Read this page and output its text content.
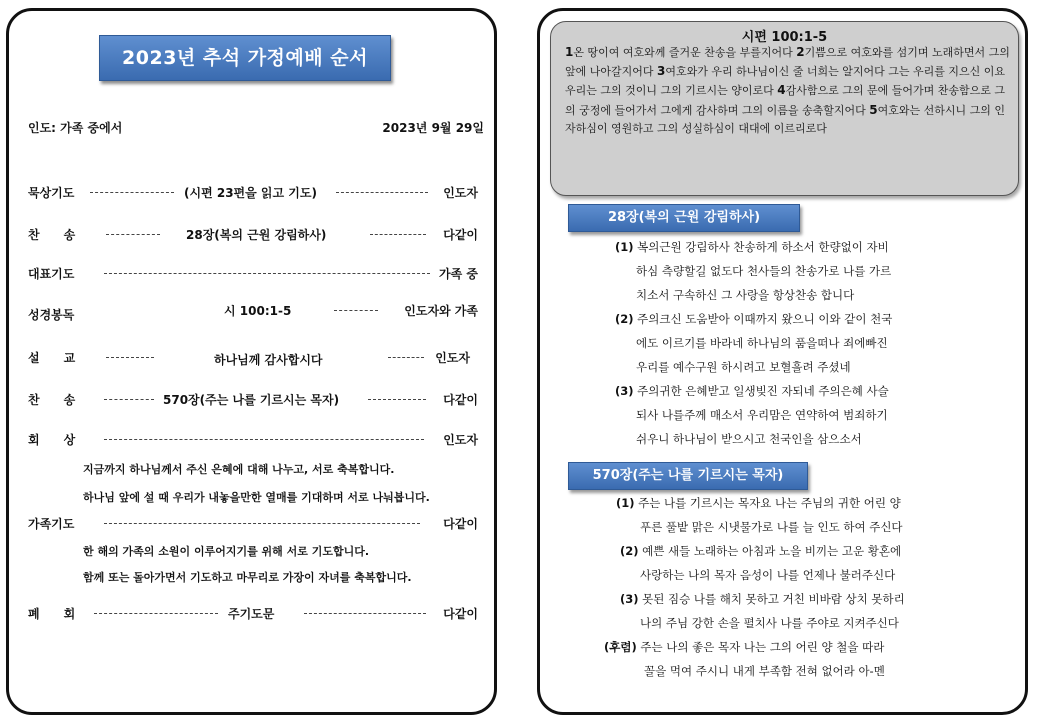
2023년 추석 가정예배 순서
인도: 가족 중에서	2023년 9월 29일
묵상기도	(시편 23편을 읽고 기도)	인도자
찬　　송	28장(복의 근원 강림하사)	다같이
대표기도	가족 중
성경봉독	시 100:1-5	인도자와 가족
설　　교	하나님께 감사합시다	인도자
찬　　송	570장(주는 나를 기르시는 목자)	다같이
회　　상	인도자
지금까지 하나님께서 주신 은혜에 대해 나누고, 서로 축복합니다.
하나님 앞에 설 때 우리가 내놓을만한 열매를 기대하며 서로 나눠봅니다.
가족기도	다같이
한 해의 가족의 소원이 이루어지기를 위해 서로 기도합니다.
함께 또는 돌아가면서 기도하고 마무리로 가장이 자녀를 축복합니다.
폐　　회	주기도문	다같이
시편 100:1-5
1온 땅이여 여호와께 즐거운 찬송을 부를지어다 2기쁨으로 여호와를 섬기며 노래하면서 그의 앞에 나아갈지어다 3여호와가 우리 하나님이신 줄 너희는 알지어다 그는 우리를 지으신 이요 우리는 그의 것이니 그의 기르시는 양이로다 4감사함으로 그의 문에 들어가며 찬송함으로 그의 궁정에 들어가서 그에게 감사하며 그의 이름을 송축할지어다 5여호와는 선하시니 그의 인자하심이 영원하고 그의 성실하심이 대대에 이르리로다
28장(복의 근원 강림하사)
(1) 복의근원 강림하사 찬송하게 하소서 한량없이 자비
하심 측량할길 없도다 천사들의 찬송가로 나를 가르
치소서 구속하신 그 사랑을 항상찬송 합니다
(2) 주의크신 도움받아 이때까지 왔으니 이와 같이 천국
에도 이르기를 바라네 하나님의 품을떠나 죄에빠진
우리를 예수구원 하시려고 보혈흘려 주셨네
(3) 주의귀한 은혜받고 일생빚진 자되네 주의은혜 사슬
되사 나를주께 매소서 우리맘은 연약하여 범죄하기
쉬우니 하나님이 받으시고 천국인을 삼으소서
570장(주는 나를 기르시는 목자)
(1) 주는 나를 기르시는 목자요 나는 주님의 귀한 어린 양
푸른 풀밭 맑은 시냇물가로 나를 늘 인도 하여 주신다
(2) 예쁜 새들 노래하는 아침과 노을 비끼는 고운 황혼에
사랑하는 나의 목자 음성이 나를 언제나 불러주신다
(3) 못된 짐승 나를 해치 못하고 거친 비바람 상치 못하리
나의 주님 강한 손을 펼치사 나를 주야로 지켜주신다
(후렴) 주는 나의 좋은 목자 나는 그의 어린 양 철을 따라
꼴을 먹여 주시니 내게 부족함 전혀 없어라 아-멘
